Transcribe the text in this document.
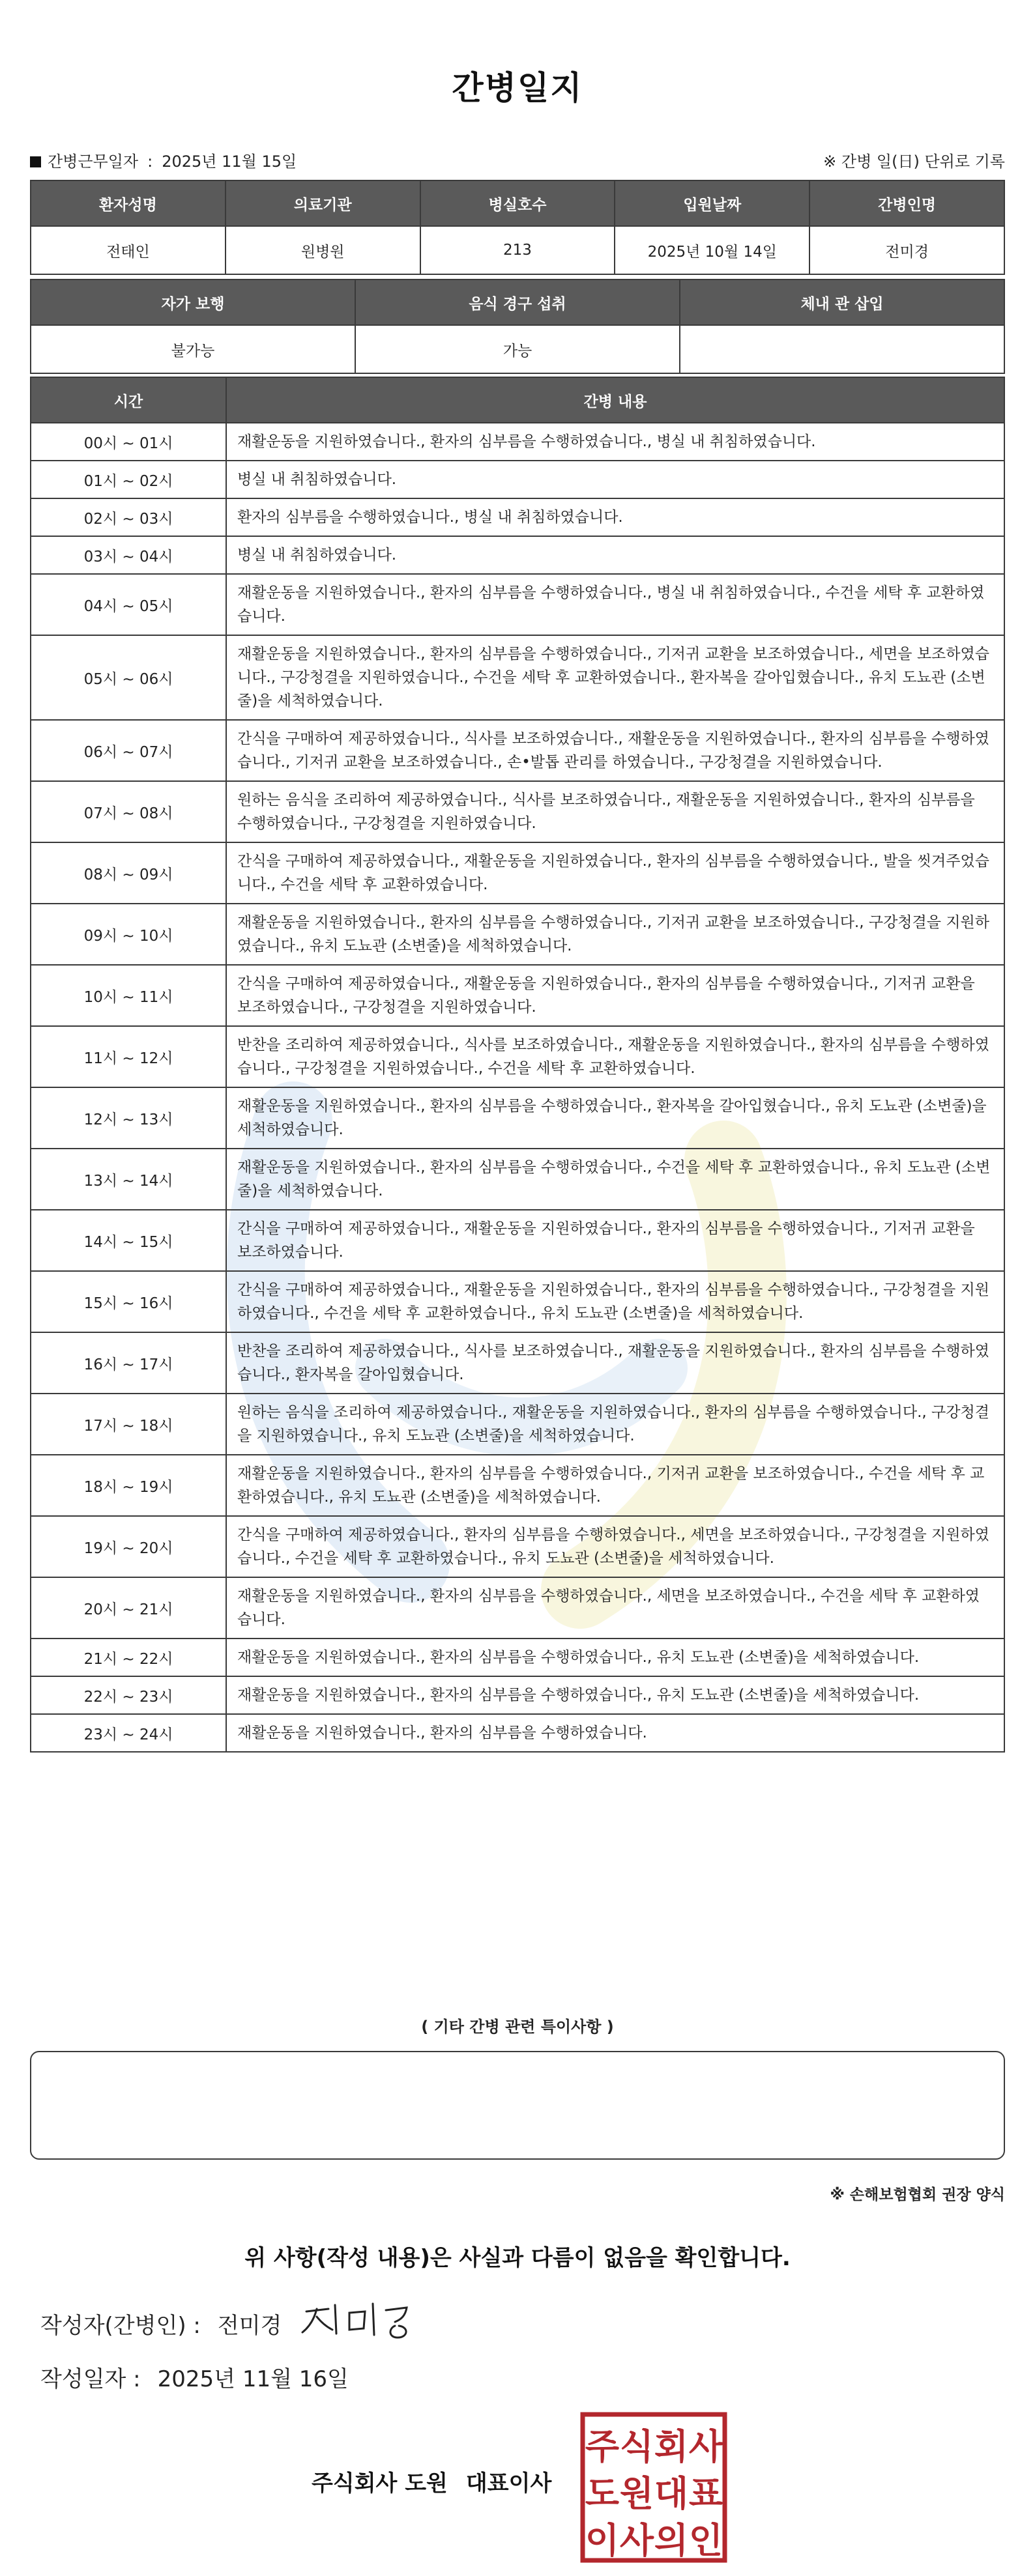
간병일지
간병근무일자 : 2025년 11월 15일	※ 간병 일(日) 단위로 기록
환자성명	의료기관	병실호수	입원날짜	간병인명
전태인	원병원	213	2025년 10월 14일	전미경
자가 보행	음식 경구 섭취	체내 관 삽입
불가능	가능	
시간	간병 내용
00시 ~ 01시	재활운동을 지원하였습니다., 환자의 심부름을 수행하였습니다., 병실 내 취침하였습니다.
01시 ~ 02시	병실 내 취침하였습니다.
02시 ~ 03시	환자의 심부름을 수행하였습니다., 병실 내 취침하였습니다.
03시 ~ 04시	병실 내 취침하였습니다.
04시 ~ 05시	재활운동을 지원하였습니다., 환자의 심부름을 수행하였습니다., 병실 내 취침하였습니다., 수건을 세탁 후 교환하였습니다.
05시 ~ 06시	재활운동을 지원하였습니다., 환자의 심부름을 수행하였습니다., 기저귀 교환을 보조하였습니다., 세면을 보조하였습니다., 구강청결을 지원하였습니다., 수건을 세탁 후 교환하였습니다., 환자복을 갈아입혔습니다., 유치 도뇨관 (소변줄)을 세척하였습니다.
06시 ~ 07시	간식을 구매하여 제공하였습니다., 식사를 보조하였습니다., 재활운동을 지원하였습니다., 환자의 심부름을 수행하였습니다., 기저귀 교환을 보조하였습니다., 손•발톱 관리를 하였습니다., 구강청결을 지원하였습니다.
07시 ~ 08시	원하는 음식을 조리하여 제공하였습니다., 식사를 보조하였습니다., 재활운동을 지원하였습니다., 환자의 심부름을 수행하였습니다., 구강청결을 지원하였습니다.
08시 ~ 09시	간식을 구매하여 제공하였습니다., 재활운동을 지원하였습니다., 환자의 심부름을 수행하였습니다., 발을 씻겨주었습니다., 수건을 세탁 후 교환하였습니다.
09시 ~ 10시	재활운동을 지원하였습니다., 환자의 심부름을 수행하였습니다., 기저귀 교환을 보조하였습니다., 구강청결을 지원하였습니다., 유치 도뇨관 (소변줄)을 세척하였습니다.
10시 ~ 11시	간식을 구매하여 제공하였습니다., 재활운동을 지원하였습니다., 환자의 심부름을 수행하였습니다., 기저귀 교환을 보조하였습니다., 구강청결을 지원하였습니다.
11시 ~ 12시	반찬을 조리하여 제공하였습니다., 식사를 보조하였습니다., 재활운동을 지원하였습니다., 환자의 심부름을 수행하였습니다., 구강청결을 지원하였습니다., 수건을 세탁 후 교환하였습니다.
12시 ~ 13시	재활운동을 지원하였습니다., 환자의 심부름을 수행하였습니다., 환자복을 갈아입혔습니다., 유치 도뇨관 (소변줄)을 세척하였습니다.
13시 ~ 14시	재활운동을 지원하였습니다., 환자의 심부름을 수행하였습니다., 수건을 세탁 후 교환하였습니다., 유치 도뇨관 (소변줄)을 세척하였습니다.
14시 ~ 15시	간식을 구매하여 제공하였습니다., 재활운동을 지원하였습니다., 환자의 심부름을 수행하였습니다., 기저귀 교환을 보조하였습니다.
15시 ~ 16시	간식을 구매하여 제공하였습니다., 재활운동을 지원하였습니다., 환자의 심부름을 수행하였습니다., 구강청결을 지원하였습니다., 수건을 세탁 후 교환하였습니다., 유치 도뇨관 (소변줄)을 세척하였습니다.
16시 ~ 17시	반찬을 조리하여 제공하였습니다., 식사를 보조하였습니다., 재활운동을 지원하였습니다., 환자의 심부름을 수행하였습니다., 환자복을 갈아입혔습니다.
17시 ~ 18시	원하는 음식을 조리하여 제공하였습니다., 재활운동을 지원하였습니다., 환자의 심부름을 수행하였습니다., 구강청결을 지원하였습니다., 유치 도뇨관 (소변줄)을 세척하였습니다.
18시 ~ 19시	재활운동을 지원하였습니다., 환자의 심부름을 수행하였습니다., 기저귀 교환을 보조하였습니다., 수건을 세탁 후 교환하였습니다., 유치 도뇨관 (소변줄)을 세척하였습니다.
19시 ~ 20시	간식을 구매하여 제공하였습니다., 환자의 심부름을 수행하였습니다., 세면을 보조하였습니다., 구강청결을 지원하였습니다., 수건을 세탁 후 교환하였습니다., 유치 도뇨관 (소변줄)을 세척하였습니다.
20시 ~ 21시	재활운동을 지원하였습니다., 환자의 심부름을 수행하였습니다., 세면을 보조하였습니다., 수건을 세탁 후 교환하였습니다.
21시 ~ 22시	재활운동을 지원하였습니다., 환자의 심부름을 수행하였습니다., 유치 도뇨관 (소변줄)을 세척하였습니다.
22시 ~ 23시	재활운동을 지원하였습니다., 환자의 심부름을 수행하였습니다., 유치 도뇨관 (소변줄)을 세척하였습니다.
23시 ~ 24시	재활운동을 지원하였습니다., 환자의 심부름을 수행하였습니다.
( 기타 간병 관련 특이사항 )
※ 손해보험협회 권장 양식
위 사항(작성 내용)은 사실과 다름이 없음을 확인합니다.
작성자(간병인) : 전미경
작성일자 : 2025년 11월 16일
주식회사 도원 대표이사
주 식 회 사
도 원 대 표
이 사 의 인
